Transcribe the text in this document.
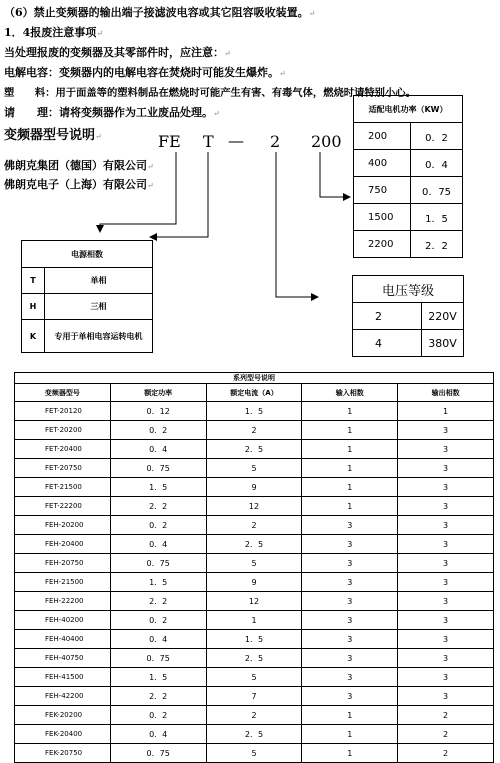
（6）禁止变频器的输出端子接滤波电容或其它阻容吸收装置。↵
1．4报废注意事项↵
当处理报废的变频器及其零部件时，应注意：↵
电解电容：变频器内的电解电容在焚烧时可能发生爆炸。↵
塑　　料：用于面盖等的塑料制品在燃烧时可能产生有害、有毒气体，燃烧时请特别小心。
请　　理：请将变频器作为工业废品处理。↵
变频器型号说明↵	FE T — 2 200
佛朗克集团（德国）有限公司↵
佛朗克电子（上海）有限公司↵
适配电机功率（KW）	
200	0．2
400	0．4
750	0．75
1500	1．5
2200	2．2
电源相数	
T	单相
H	三相
K	专用于单相电容运转电机
电压等级	
2	220V
4	380V
系列型号说明				
变频器型号	额定功率	额定电流（A）	输入相数	输出相数
FET-20120	0．12	1．5	1	1
FET-20200	0．2	2	1	3
FET-20400	0．4	2．5	1	3
FET-20750	0．75	5	1	3
FET-21500	1．5	9	1	3
FET-22200	2．2	12	1	3
FEH-20200	0．2	2	3	3
FEH-20400	0．4	2．5	3	3
FEH-20750	0．75	5	3	3
FEH-21500	1．5	9	3	3
FEH-22200	2．2	12	3	3
FEH-40200	0．2	1	3	3
FEH-40400	0．4	1．5	3	3
FEH-40750	0．75	2．5	3	3
FEH-41500	1．5	5	3	3
FEH-42200	2．2	7	3	3
FEK-20200	0．2	2	1	2
FEK-20400	0．4	2．5	1	2
FEK-20750	0．75	5	1	2
